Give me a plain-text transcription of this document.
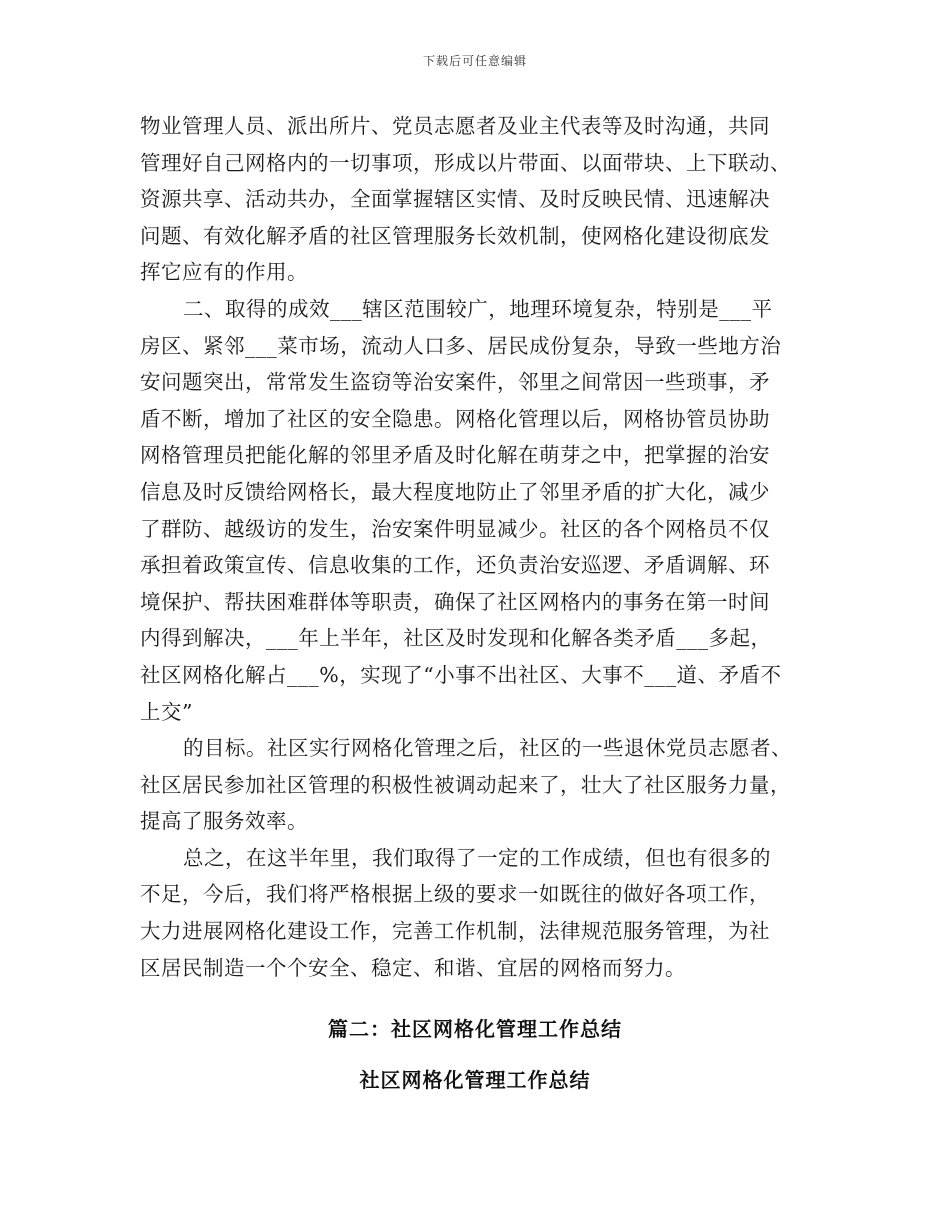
下载后可任意编辑
物业管理人员、派出所片、党员志愿者及业主代表等及时沟通，共同
管理好自己网格内的一切事项，形成以片带面、以面带块、上下联动、
资源共享、活动共办，全面掌握辖区实情、及时反映民情、迅速解决
问题、有效化解矛盾的社区管理服务长效机制，使网格化建设彻底发
挥它应有的作用。
二、取得的成效___辖区范围较广，地理环境复杂，特别是___平
房区、紧邻___菜市场，流动人口多、居民成份复杂，导致一些地方治
安问题突出，常常发生盗窃等治安案件，邻里之间常因一些琐事，矛
盾不断，增加了社区的安全隐患。网格化管理以后，网格协管员协助
网格管理员把能化解的邻里矛盾及时化解在萌芽之中，把掌握的治安
信息及时反馈给网格长，最大程度地防止了邻里矛盾的扩大化，减少
了群防、越级访的发生，治安案件明显减少。社区的各个网格员不仅
承担着政策宣传、信息收集的工作，还负责治安巡逻、矛盾调解、环
境保护、帮扶困难群体等职责，确保了社区网格内的事务在第一时间
内得到解决，___年上半年，社区及时发现和化解各类矛盾___多起，
社区网格化解占___%，实现了“小事不出社区、大事不___道、矛盾不
上交”
的目标。社区实行网格化管理之后，社区的一些退休党员志愿者、
社区居民参加社区管理的积极性被调动起来了，壮大了社区服务力量，
提高了服务效率。
总之，在这半年里，我们取得了一定的工作成绩，但也有很多的
不足，今后，我们将严格根据上级的要求一如既往的做好各项工作，
大力进展网格化建设工作，完善工作机制，法律规范服务管理，为社
区居民制造一个个安全、稳定、和谐、宜居的网格而努力。
篇二：社区网格化管理工作总结
社区网格化管理工作总结
